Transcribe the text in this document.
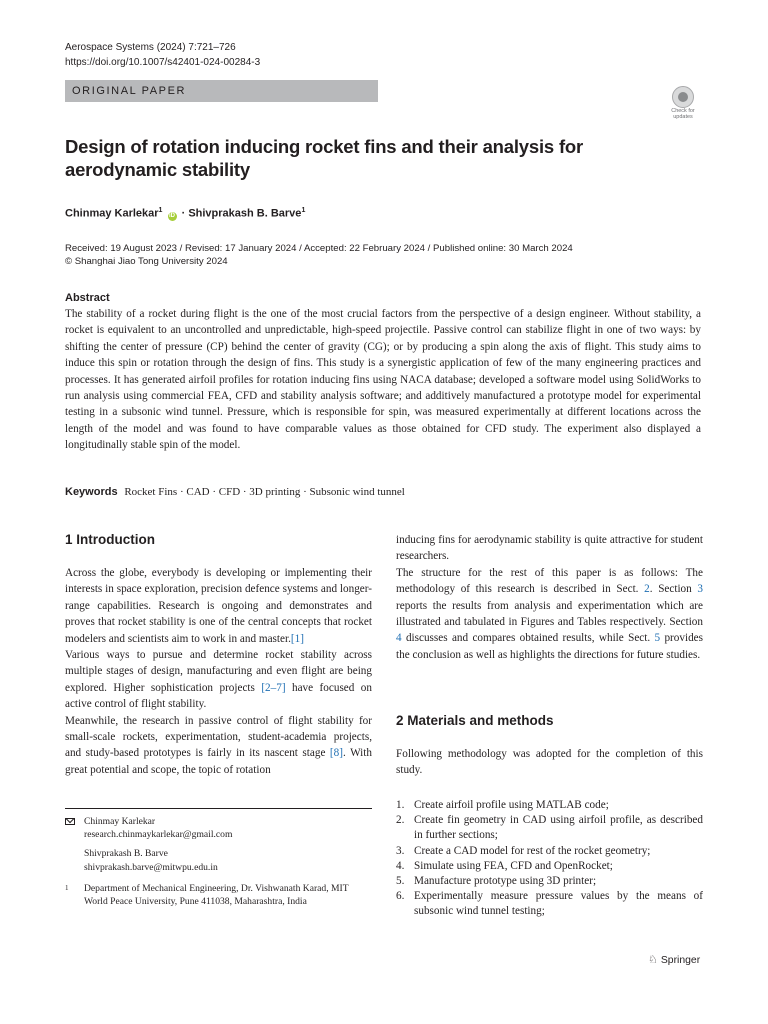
Aerospace Systems (2024) 7:721–726
https://doi.org/10.1007/s42401-024-00284-3
ORIGINAL PAPER
Check for updates
Design of rotation inducing rocket fins and their analysis for aerodynamic stability
Chinmay Karlekar$^1$ iD · Shivprakash B. Barve$^1$
Received: 19 August 2023 / Revised: 17 January 2024 / Accepted: 22 February 2024 / Published online: 30 March 2024
© Shanghai Jiao Tong University 2024
Abstract
The stability of a rocket during flight is the one of the most crucial factors from the perspective of a design engineer. Without stability, a rocket is equivalent to an uncontrolled and unpredictable, high-speed projectile. Passive control can stabilize flight in one of two ways: by shifting the center of pressure (CP) behind the center of gravity (CG); or by producing a spin along the axis of flight. This study aims to induce this spin or rotation through the design of fins. This study is a synergistic application of few of the many engineering practices and processes. It has generated airfoil profiles for rotation inducing fins using NACA database; developed a software model using SolidWorks to run analysis using commercial FEA, CFD and stability analysis software; and additively manufactured a prototype model for experimental testing in a subsonic wind tunnel. Pressure, which is responsible for spin, was measured experimentally at different locations across the length of the model and was found to have comparable values as those obtained for CFD study. The experiment also displayed a longitudinally stable spin of the model.
Keywords Rocket Fins · CAD · CFD · 3D printing · Subsonic wind tunnel
1 Introduction
Across the globe, everybody is developing or implementing their interests in space exploration, precision defence systems and longer-range capabilities. Research is ongoing and demonstrates and proves that rocket stability is one of the central concepts that rocket modelers and scientists aim to work in and master.[1]
Various ways to pursue and determine rocket stability across multiple stages of design, manufacturing and even flight are being explored. Higher sophistication projects [2–7] have focused on active control of flight stability.
Meanwhile, the research in passive control of flight stability for small-scale rockets, experimentation, student-academia projects, and study-based prototypes is fairly in its nascent stage [8]. With great potential and scope, the topic of rotation
inducing fins for aerodynamic stability is quite attractive for student researchers.
The structure for the rest of this paper is as follows: The methodology of this research is described in Sect. 2. Section 3 reports the results from analysis and experimentation which are illustrated and tabulated in Figures and Tables respectively. Section 4 discusses and compares obtained results, while Sect. 5 provides the conclusion as well as highlights the directions for future studies.
2 Materials and methods
Following methodology was adopted for the completion of this study.
1. Create airfoil profile using MATLAB code;
2. Create fin geometry in CAD using airfoil profile, as described in further sections;
3. Create a CAD model for rest of the rocket geometry;
4. Simulate using FEA, CFD and OpenRocket;
5. Manufacture prototype using 3D printer;
6. Experimentally measure pressure values by the means of subsonic wind tunnel testing;
Chinmay Karlekar
research.chinmaykarlekar@gmail.com
Shivprakash B. Barve
shivprakash.barve@mitwpu.edu.in
1 Department of Mechanical Engineering, Dr. Vishwanath Karad, MIT World Peace University, Pune 411038, Maharashtra, India
♘ Springer
